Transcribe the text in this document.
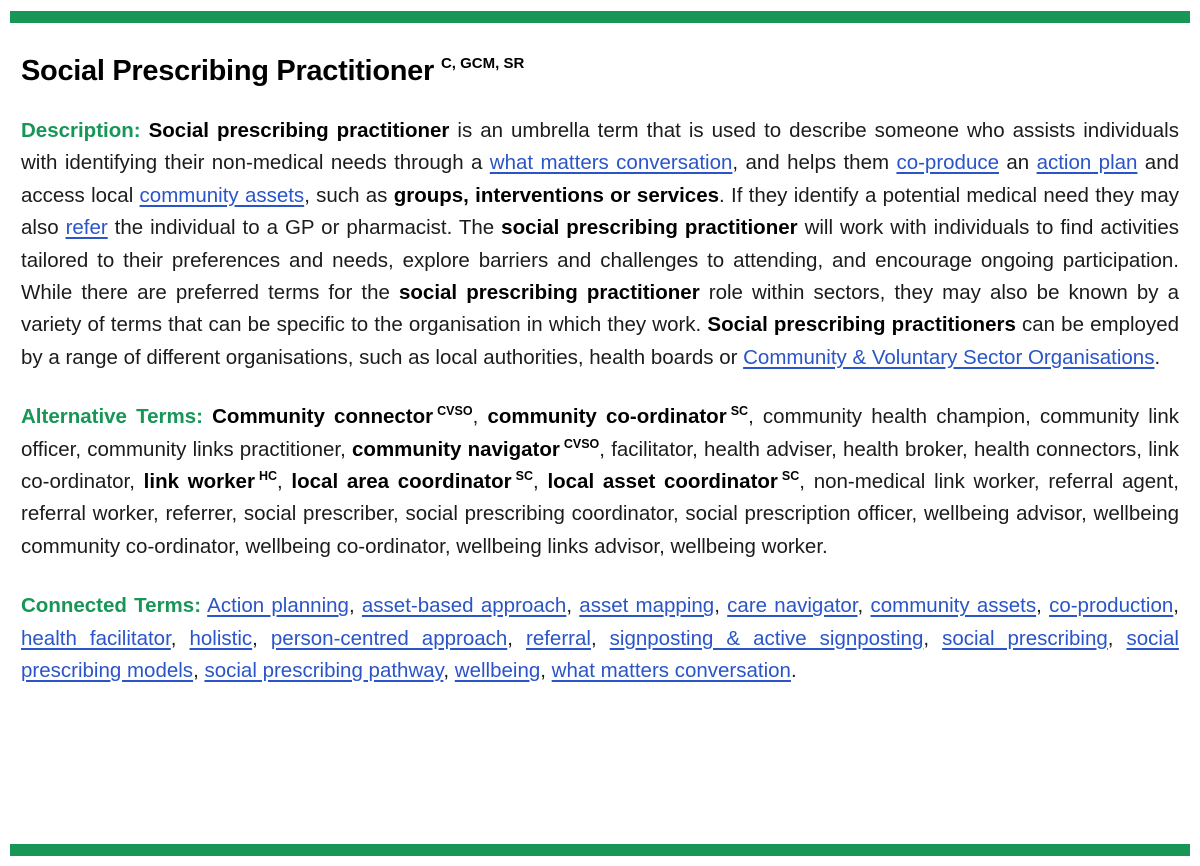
Social Prescribing Practitioner $^{C, GCM, SR}$

Description: Social prescribing practitioner is an umbrella term that is used to describe someone who assists individuals with identifying their non-medical needs through a what matters conversation, and helps them co-produce an action plan and access local community assets, such as groups, interventions or services. If they identify a potential medical need they may also refer the individual to a GP or pharmacist. The social prescribing practitioner will work with individuals to find activities tailored to their preferences and needs, explore barriers and challenges to attending, and encourage ongoing participation. While there are preferred terms for the social prescribing practitioner role within sectors, they may also be known by a variety of terms that can be specific to the organisation in which they work. Social prescribing practitioners can be employed by a range of different organisations, such as local authorities, health boards or Community & Voluntary Sector Organisations.

Alternative Terms: Community connector $^{CVSO}$, community co-ordinator $^{SC}$, community health champion, community link officer, community links practitioner, community navigator $^{CVSO}$, facilitator, health adviser, health broker, health connectors, link co-ordinator, link worker $^{HC}$, local area coordinator $^{SC}$, local asset coordinator $^{SC}$, non-medical link worker, referral agent, referral worker, referrer, social prescriber, social prescribing coordinator, social prescription officer, wellbeing advisor, wellbeing community co-ordinator, wellbeing co-ordinator, wellbeing links advisor, wellbeing worker.

Connected Terms: Action planning, asset-based approach, asset mapping, care navigator, community assets, co-production, health facilitator, holistic, person-centred approach, referral, signposting & active signposting, social prescribing, social prescribing models, social prescribing pathway, wellbeing, what matters conversation.
